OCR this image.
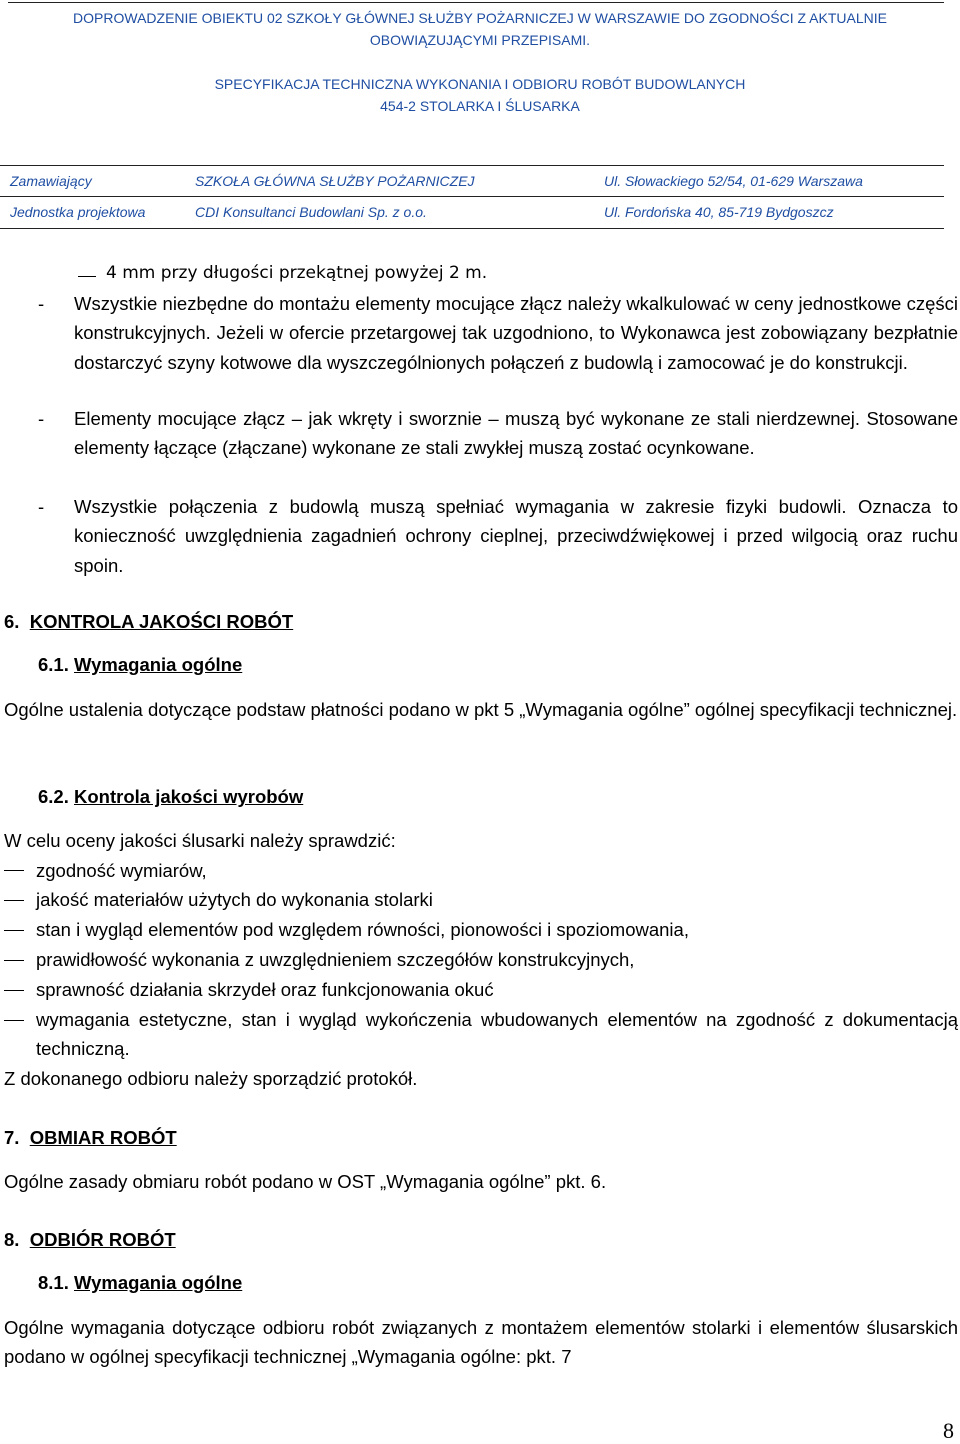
DOPROWADZENIE OBIEKTU 02 SZKOŁY GŁÓWNEJ SŁUŻBY POŻARNICZEJ W WARSZAWIE DO ZGODNOŚCI Z AKTUALNIE
OBOWIĄZUJĄCYMI PRZEPISAMI.
SPECYFIKACJA TECHNICZNA WYKONANIA I ODBIORU ROBÓT BUDOWLANYCH
454-2 STOLARKA I ŚLUSARKA
Zamawiający	SZKOŁA GŁÓWNA SŁUŻBY POŻARNICZEJ	Ul. Słowackiego 52/54, 01-629 Warszawa
Jednostka projektowa	CDI Konsultanci Budowlani Sp. z o.o.	Ul. Fordońska 40, 85-719 Bydgoszcz
4 mm przy długości przekątnej powyżej 2 m.
- Wszystkie niezbędne do montażu elementy mocujące złącz należy wkalkulować w ceny jednostkowe części konstrukcyjnych. Jeżeli w ofercie przetargowej tak uzgodniono, to Wykonawca jest zobowiązany bezpłatnie dostarczyć szyny kotwowe dla wyszczególnionych połączeń z budowlą i zamocować je do konstrukcji.
- Elementy mocujące złącz – jak wkręty i sworznie – muszą być wykonane ze stali nierdzewnej. Stosowane elementy łączące (złączane) wykonane ze stali zwykłej muszą zostać ocynkowane.
- Wszystkie połączenia z budowlą muszą spełniać wymagania w zakresie fizyki budowli. Oznacza to konieczność uwzględnienia zagadnień ochrony cieplnej, przeciwdźwiękowej i przed wilgocią oraz ruchu spoin.
6. KONTROLA JAKOŚCI ROBÓT
6.1. Wymagania ogólne
Ogólne ustalenia dotyczące podstaw płatności podano w pkt 5 „Wymagania ogólne” ogólnej specyfikacji technicznej.
6.2. Kontrola jakości wyrobów
W celu oceny jakości ślusarki należy sprawdzić:
zgodność wymiarów,
jakość materiałów użytych do wykonania stolarki
stan i wygląd elementów pod względem równości, pionowości i spoziomowania,
prawidłowość wykonania z uwzględnieniem szczegółów konstrukcyjnych,
sprawność działania skrzydeł oraz funkcjonowania okuć
wymagania estetyczne, stan i wygląd wykończenia wbudowanych elementów na zgodność z dokumentacją techniczną.
Z dokonanego odbioru należy sporządzić protokół.
7. OBMIAR ROBÓT
Ogólne zasady obmiaru robót podano w OST „Wymagania ogólne” pkt. 6.
8. ODBIÓR ROBÓT
8.1. Wymagania ogólne
Ogólne wymagania dotyczące odbioru robót związanych z montażem elementów stolarki i elementów ślusarskich podano w ogólnej specyfikacji technicznej „Wymagania ogólne: pkt. 7
8
